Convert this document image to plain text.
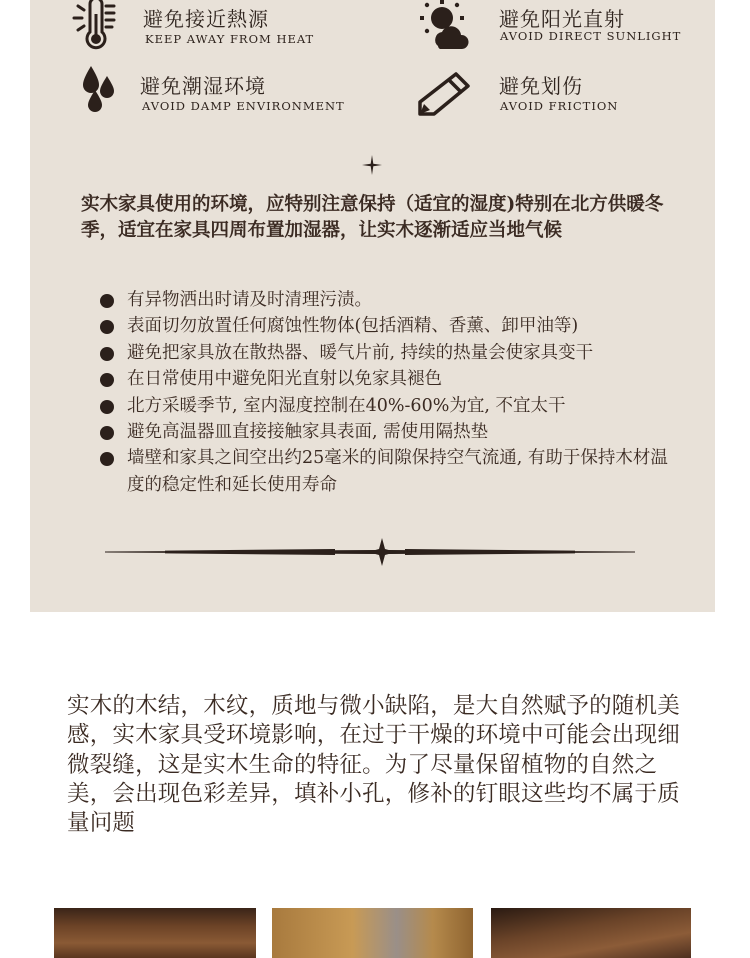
避免接近熱源
KEEP AWAY FROM HEAT
避免阳光直射
AVOID DIRECT SUNLIGHT
避免潮湿环境
AVOID DAMP ENVIRONMENT
避免划伤
AVOID FRICTION
实木家具使用的环境，应特别注意保持（适宜的湿度)特别在北方供暖冬季，适宜在家具四周布置加湿器，让实木逐渐适应当地气候
有异物洒出时请及时清理污渍。
表面切勿放置任何腐蚀性物体(包括酒精、香薰、卸甲油等)
避免把家具放在散热器、暖气片前, 持续的热量会使家具变干
在日常使用中避免阳光直射以免家具褪色
北方采暖季节, 室内湿度控制在40%-60%为宜, 不宜太干
避免高温器皿直接接触家具表面, 需使用隔热垫
墙壁和家具之间空出约25毫米的间隙保持空气流通, 有助于保持木材温度的稳定性和延长使用寿命
实木的木结，木纹，质地与微小缺陷，是大自然赋予的随机美感，实木家具受环境影响，在过于干燥的环境中可能会出现细微裂缝，这是实木生命的特征。为了尽量保留植物的自然之美，会出现色彩差异，填补小孔，修补的钉眼这些均不属于质量问题
